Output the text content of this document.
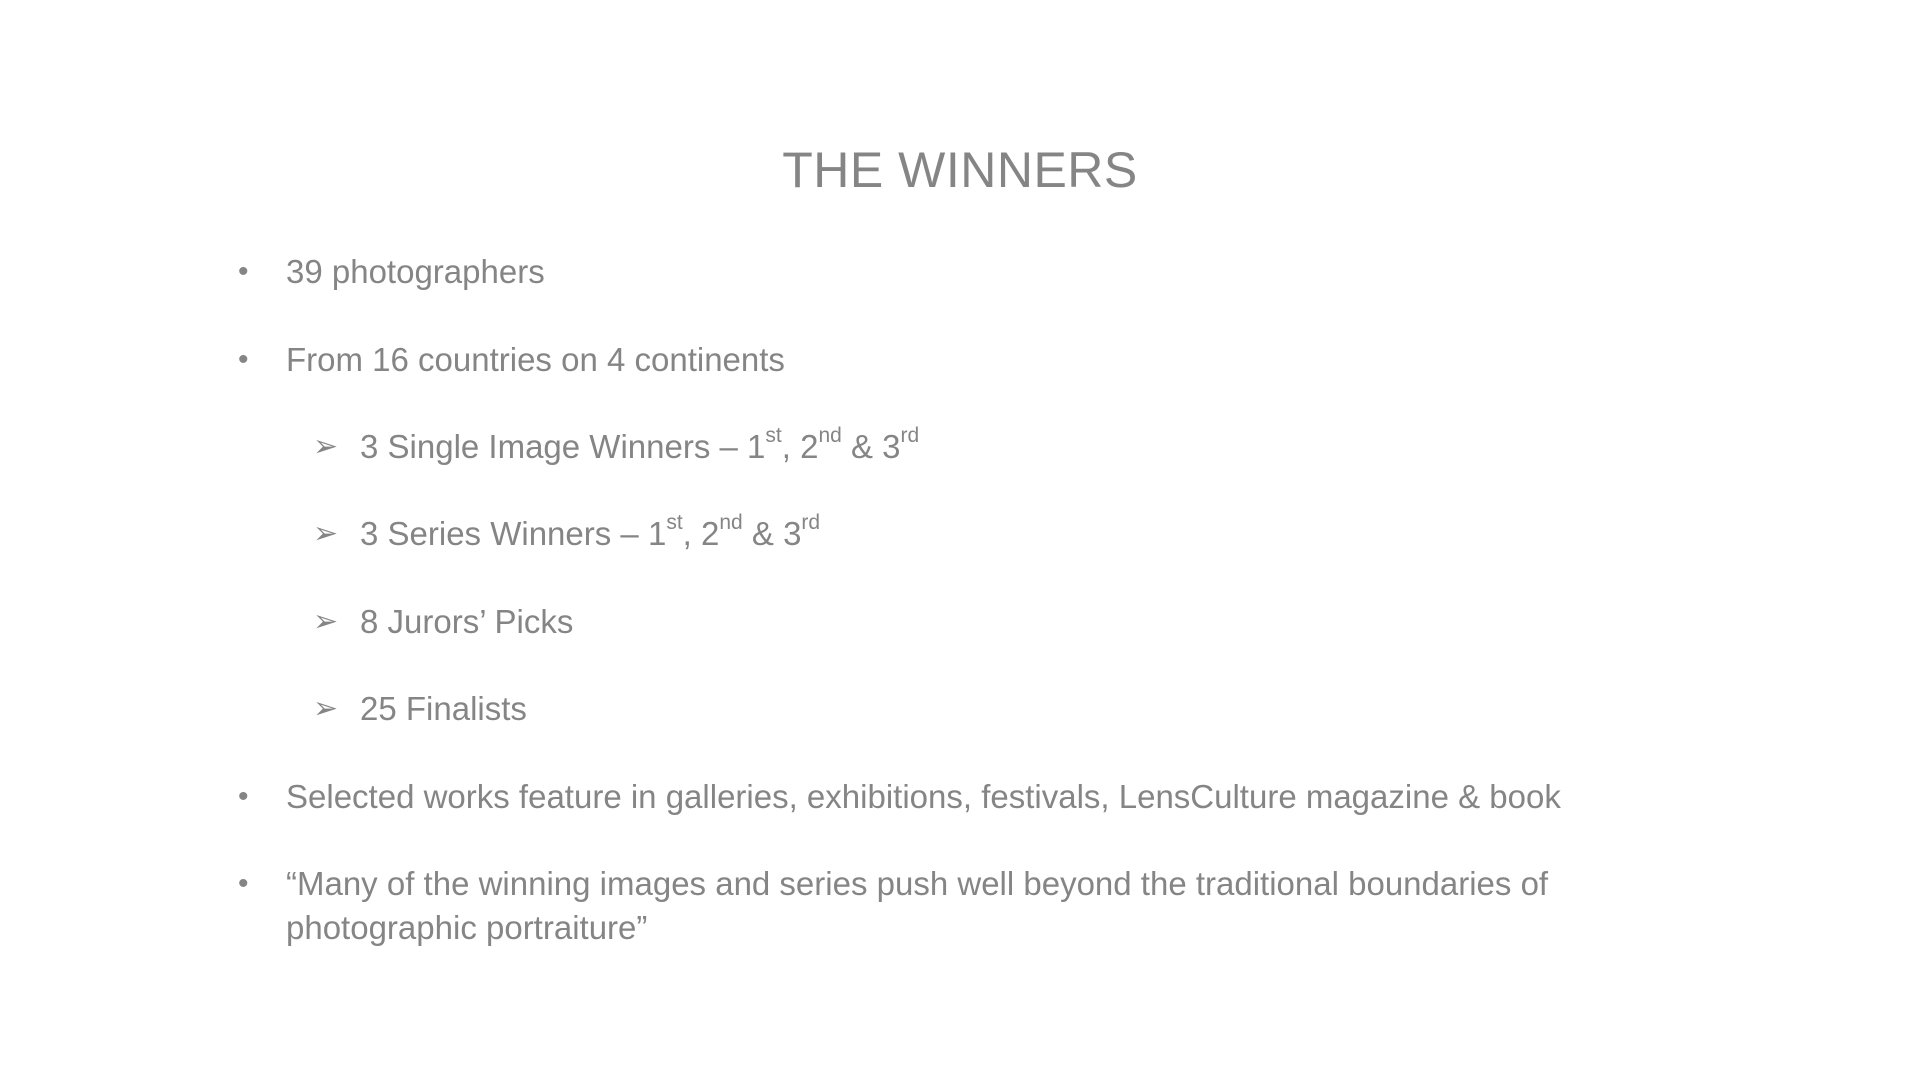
THE WINNERS
•	39 photographers
•	From 16 countries on 4 continents
➢ 3 Single Image Winners – 1st, 2nd & 3rd
➢ 3 Series Winners – 1st, 2nd & 3rd
➢ 8 Jurors’ Picks
➢ 25 Finalists
•	Selected works feature in galleries, exhibitions, festivals, LensCulture magazine & book
•	“Many of the winning images and series push well beyond the traditional boundaries of photographic portraiture”
